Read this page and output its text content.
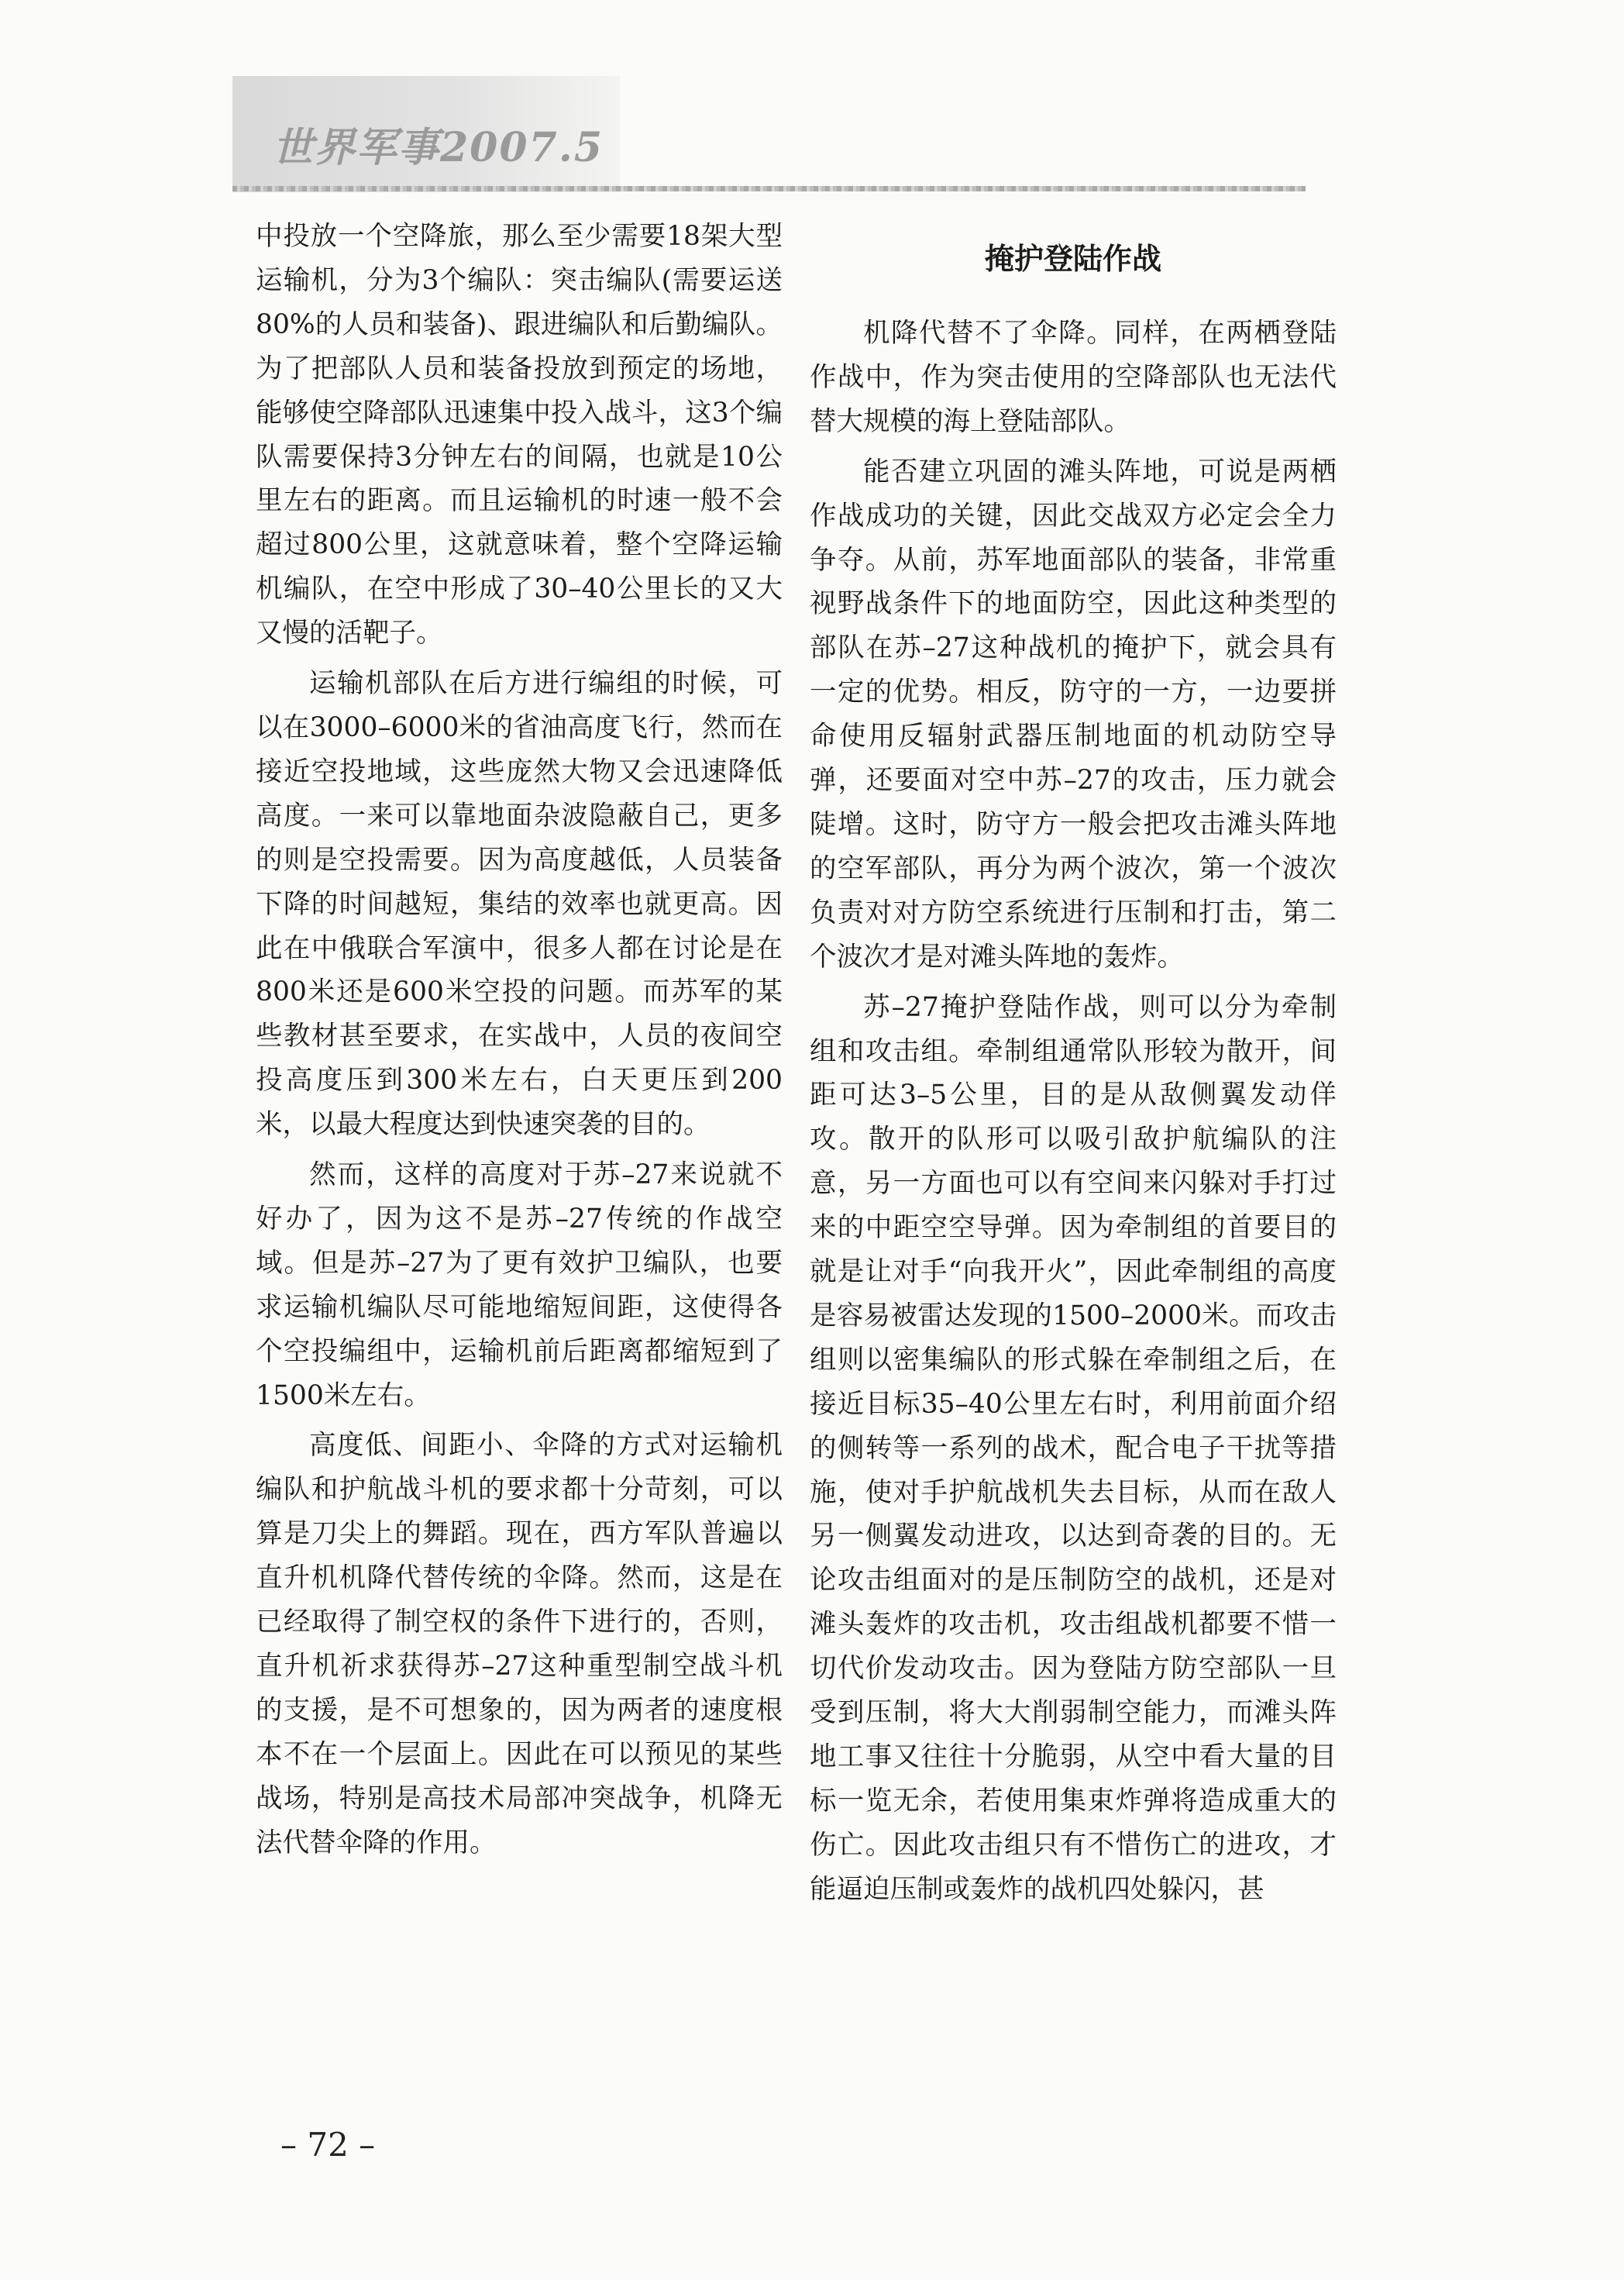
世界军事2007.5

中投放一个空降旅，那么至少需要18架大型运输机，分为3个编队：突击编队(需要运送80%的人员和装备)、跟进编队和后勤编队。为了把部队人员和装备投放到预定的场地，能够使空降部队迅速集中投入战斗，这3个编队需要保持3分钟左右的间隔，也就是10公里左右的距离。而且运输机的时速一般不会超过800公里，这就意味着，整个空降运输机编队，在空中形成了30–40公里长的又大又慢的活靶子。

运输机部队在后方进行编组的时候，可以在3000–6000米的省油高度飞行，然而在接近空投地域，这些庞然大物又会迅速降低高度。一来可以靠地面杂波隐蔽自己，更多的则是空投需要。因为高度越低，人员装备下降的时间越短，集结的效率也就更高。因此在中俄联合军演中，很多人都在讨论是在800米还是600米空投的问题。而苏军的某些教材甚至要求，在实战中，人员的夜间空投高度压到300米左右，白天更压到200米，以最大程度达到快速突袭的目的。

然而，这样的高度对于苏–27来说就不好办了，因为这不是苏–27传统的作战空域。但是苏–27为了更有效护卫编队，也要求运输机编队尽可能地缩短间距，这使得各个空投编组中，运输机前后距离都缩短到了1500米左右。

高度低、间距小、伞降的方式对运输机编队和护航战斗机的要求都十分苛刻，可以算是刀尖上的舞蹈。现在，西方军队普遍以直升机机降代替传统的伞降。然而，这是在已经取得了制空权的条件下进行的，否则，直升机祈求获得苏–27这种重型制空战斗机的支援，是不可想象的，因为两者的速度根本不在一个层面上。因此在可以预见的某些战场，特别是高技术局部冲突战争，机降无法代替伞降的作用。

掩护登陆作战

机降代替不了伞降。同样，在两栖登陆作战中，作为突击使用的空降部队也无法代替大规模的海上登陆部队。

能否建立巩固的滩头阵地，可说是两栖作战成功的关键，因此交战双方必定会全力争夺。从前，苏军地面部队的装备，非常重视野战条件下的地面防空，因此这种类型的部队在苏–27这种战机的掩护下，就会具有一定的优势。相反，防守的一方，一边要拼命使用反辐射武器压制地面的机动防空导弹，还要面对空中苏–27的攻击，压力就会陡增。这时，防守方一般会把攻击滩头阵地的空军部队，再分为两个波次，第一个波次负责对对方防空系统进行压制和打击，第二个波次才是对滩头阵地的轰炸。

苏–27掩护登陆作战，则可以分为牵制组和攻击组。牵制组通常队形较为散开，间距可达3–5公里，目的是从敌侧翼发动佯攻。散开的队形可以吸引敌护航编队的注意，另一方面也可以有空间来闪躲对手打过来的中距空空导弹。因为牵制组的首要目的就是让对手“向我开火”，因此牵制组的高度是容易被雷达发现的1500–2000米。而攻击组则以密集编队的形式躲在牵制组之后，在接近目标35–40公里左右时，利用前面介绍的侧转等一系列的战术，配合电子干扰等措施，使对手护航战机失去目标，从而在敌人另一侧翼发动进攻，以达到奇袭的目的。无论攻击组面对的是压制防空的战机，还是对滩头轰炸的攻击机，攻击组战机都要不惜一切代价发动攻击。因为登陆方防空部队一旦受到压制，将大大削弱制空能力，而滩头阵地工事又往往十分脆弱，从空中看大量的目标一览无余，若使用集束炸弹将造成重大的伤亡。因此攻击组只有不惜伤亡的进攻，才能逼迫压制或轰炸的战机四处躲闪，甚

– 72 –
